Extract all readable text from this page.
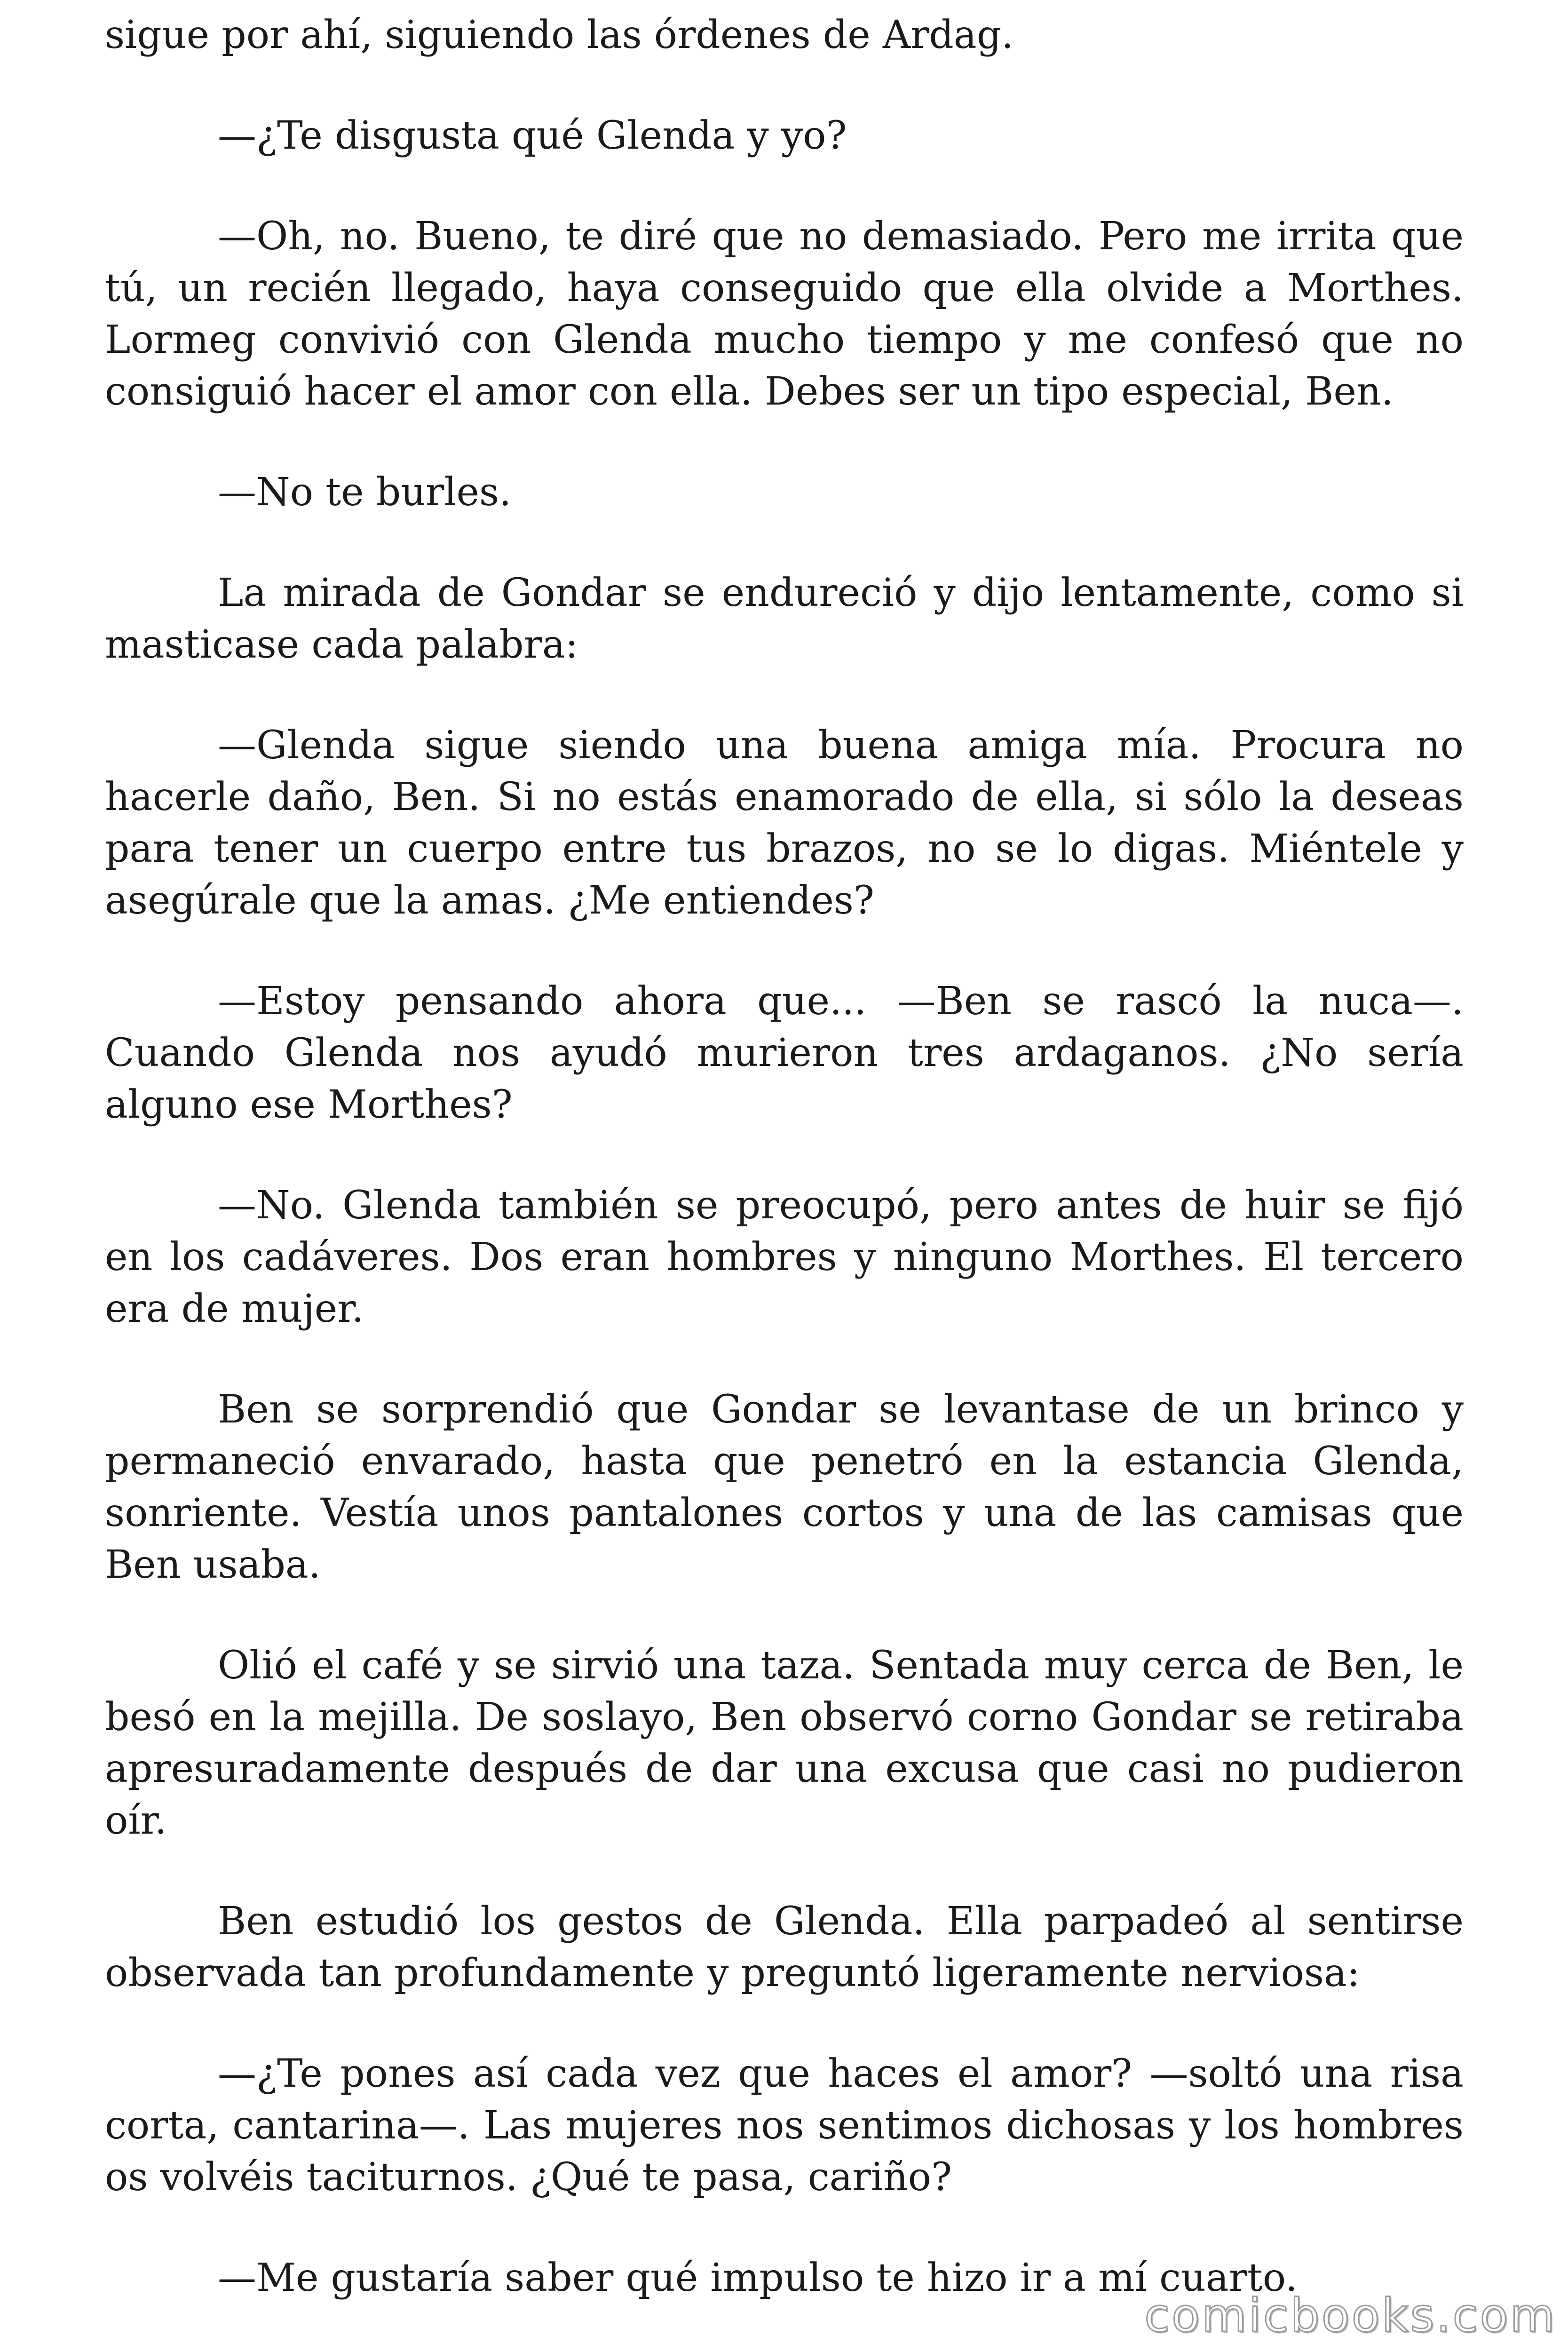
sigue por ahí, siguiendo las órdenes de Ardag.

—¿Te disgusta qué Glenda y yo?

—Oh, no. Bueno, te diré que no demasiado. Pero me irrita que tú, un recién llegado, haya conseguido que ella olvide a Morthes. Lormeg convivió con Glenda mucho tiempo y me confesó que no consiguió hacer el amor con ella. Debes ser un tipo especial, Ben.

—No te burles.

La mirada de Gondar se endureció y dijo lentamente, como si masticase cada palabra:

—Glenda sigue siendo una buena amiga mía. Procura no hacerle daño, Ben. Si no estás enamorado de ella, si sólo la deseas para tener un cuerpo entre tus brazos, no se lo digas. Miéntele y asegúrale que la amas. ¿Me entiendes?

—Estoy pensando ahora que... —Ben se rascó la nuca—. Cuando Glenda nos ayudó murieron tres ardaganos. ¿No sería alguno ese Morthes?

—No. Glenda también se preocupó, pero antes de huir se fijó en los cadáveres. Dos eran hombres y ninguno Morthes. El tercero era de mujer.

Ben se sorprendió que Gondar se levantase de un brinco y permaneció envarado, hasta que penetró en la estancia Glenda, sonriente. Vestía unos pantalones cortos y una de las camisas que Ben usaba.

Olió el café y se sirvió una taza. Sentada muy cerca de Ben, le besó en la mejilla. De soslayo, Ben observó corno Gondar se retiraba apresuradamente después de dar una excusa que casi no pudieron oír.

Ben estudió los gestos de Glenda. Ella parpadeó al sentirse observada tan profundamente y preguntó ligeramente nerviosa:

—¿Te pones así cada vez que haces el amor? —soltó una risa corta, cantarina—. Las mujeres nos sentimos dichosas y los hombres os volvéis taciturnos. ¿Qué te pasa, cariño?

—Me gustaría saber qué impulso te hizo ir a mí cuarto.

comicbooks.com
